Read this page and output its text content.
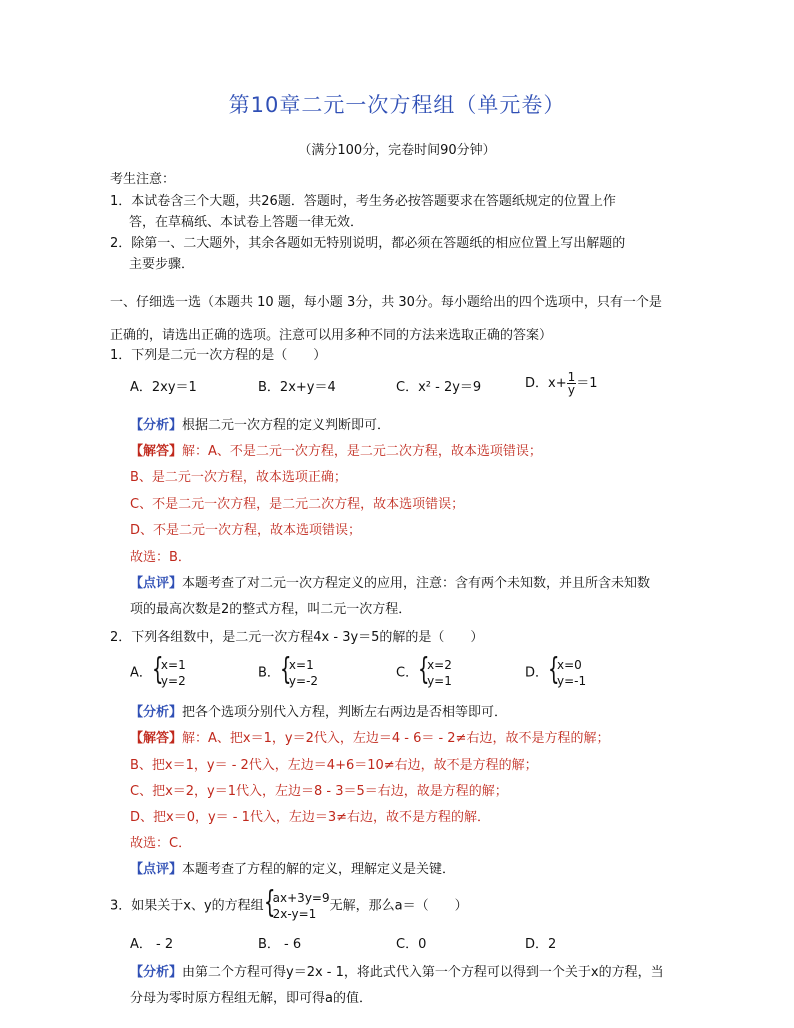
第10章二元一次方程组（单元卷）
（满分100分，完卷时间90分钟）
考生注意：
1．本试卷含三个大题，共26题．答题时，考生务必按答题要求在答题纸规定的位置上作
答，在草稿纸、本试卷上答题一律无效．
2．除第一、二大题外，其余各题如无特别说明，都必须在答题纸的相应位置上写出解题的
主要步骤．
一、仔细选一选（本题共 10 题，每小题 3分，共 30分。每小题给出的四个选项中，只有一个是
正确的，请选出正确的选项。注意可以用多种不同的方法来选取正确的答案）
1．下列是二元一次方程的是（　　）
A．2xy＝1	B．2x+y＝4	C．x² - 2y＝9	D．$x+ \frac{1}{y} =1$
【分析】根据二元一次方程的定义判断即可．
【解答】解：A、不是二元一次方程，是二元二次方程，故本选项错误；
B、是二元一次方程，故本选项正确；
C、不是二元一次方程，是二元二次方程，故本选项错误；
D、不是二元一次方程，故本选项错误；
故选：B．
【点评】本题考查了对二元一次方程定义的应用，注意：含有两个未知数，并且所含未知数
项的最高次数是2的整式方程，叫二元一次方程．
2．下列各组数中，是二元一次方程4x - 3y＝5的解的是（　　）
A． {
x=1
y=2
B． {
x=1
y=-2
C． {
x=2
y=1
D． {
x=0
y=-1
【分析】把各个选项分别代入方程，判断左右两边是否相等即可．
【解答】解：A、把x＝1，y＝2代入，左边＝4 - 6＝ - 2≠右边，故不是方程的解；
B、把x＝1，y＝ - 2代入，左边＝4+6＝10≠右边，故不是方程的解；
C、把x＝2，y＝1代入，左边＝8 - 3＝5＝右边，故是方程的解；
D、把x＝0，y＝ - 1代入，左边＝3≠右边，故不是方程的解．
故选：C．
【点评】本题考查了方程的解的定义，理解定义是关键．
3．如果关于x、y的方程组 {
ax+3y=9
2x-y=1
无解，那么a＝（　　）
A． - 2	B． - 6	C．0	D．2
【分析】由第二个方程可得y＝2x - 1，将此式代入第一个方程可以得到一个关于x的方程，当
分母为零时原方程组无解，即可得a的值．
